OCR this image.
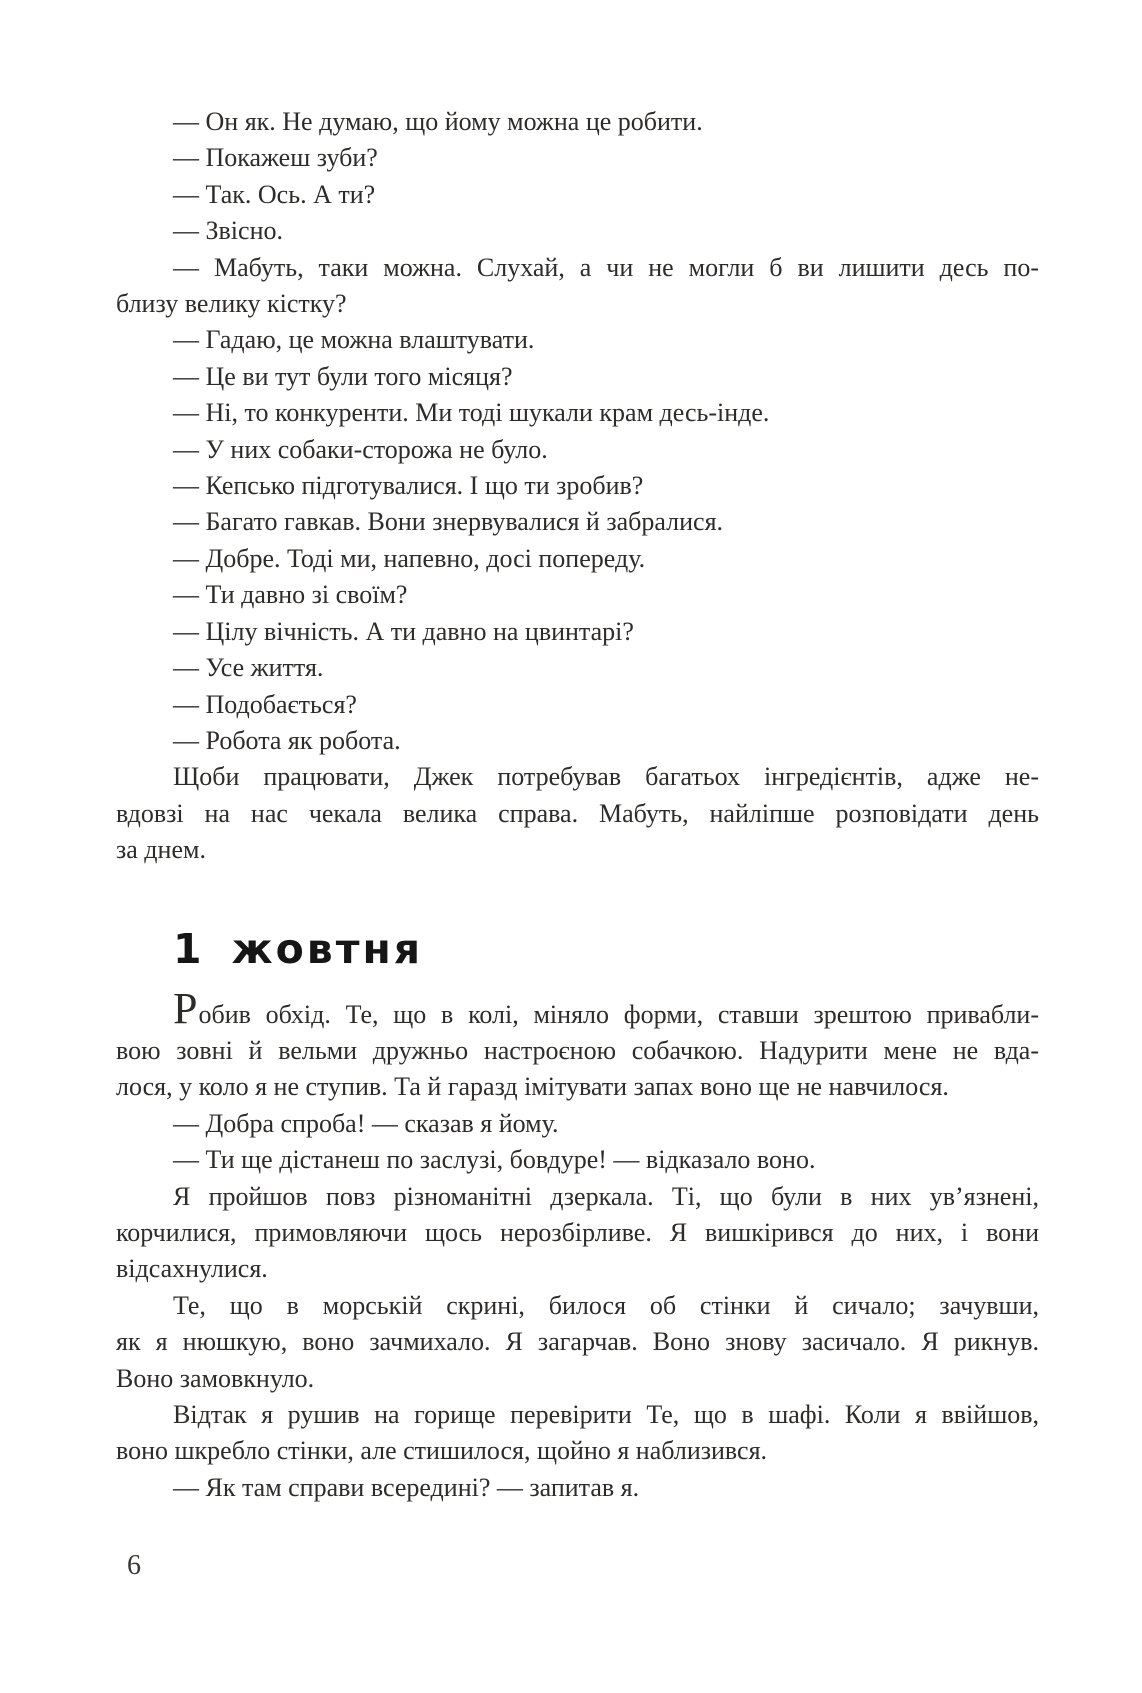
— Он як. Не думаю, що йому можна це робити.
— Покажеш зуби?
— Так. Ось. А ти?
— Звісно.
— Мабуть, таки можна. Слухай, а чи не могли б ви лишити десь по-
близу велику кістку?
— Гадаю, це можна влаштувати.
— Це ви тут були того місяця?
— Ні, то конкуренти. Ми тоді шукали крам десь-інде.
— У них собаки-сторожа не було.
— Кепсько підготувалися. І що ти зробив?
— Багато гавкав. Вони знервувалися й забралися.
— Добре. Тоді ми, напевно, досі попереду.
— Ти давно зі своїм?
— Цілу вічність. А ти давно на цвинтарі?
— Усе життя.
— Подобається?
— Робота як робота.
Щоби працювати, Джек потребував багатьох інгредієнтів, адже не-
вдовзі на нас чекала велика справа. Мабуть, найліпше розповідати день
за днем.
1 жовтня
Робив обхід. Те, що в колі, міняло форми, ставши зрештою привабли-
вою зовні й вельми дружньо настроєною собачкою. Надурити мене не вда-
лося, у коло я не ступив. Та й гаразд імітувати запах воно ще не навчилося.
— Добра спроба! — сказав я йому.
— Ти ще дістанеш по заслузі, бовдуре! — відказало воно.
Я пройшов повз різноманітні дзеркала. Ті, що були в них ув’язнені,
корчилися, примовляючи щось нерозбірливе. Я вишкірився до них, і вони
відсахнулися.
Те, що в морській скрині, билося об стінки й сичало; зачувши,
як я нюшкую, воно зачмихало. Я загарчав. Воно знову засичало. Я рикнув.
Воно замовкнуло.
Відтак я рушив на горище перевірити Те, що в шафі. Коли я ввійшов,
воно шкребло стінки, але стишилося, щойно я наблизився.
— Як там справи всередині? — запитав я.
6
